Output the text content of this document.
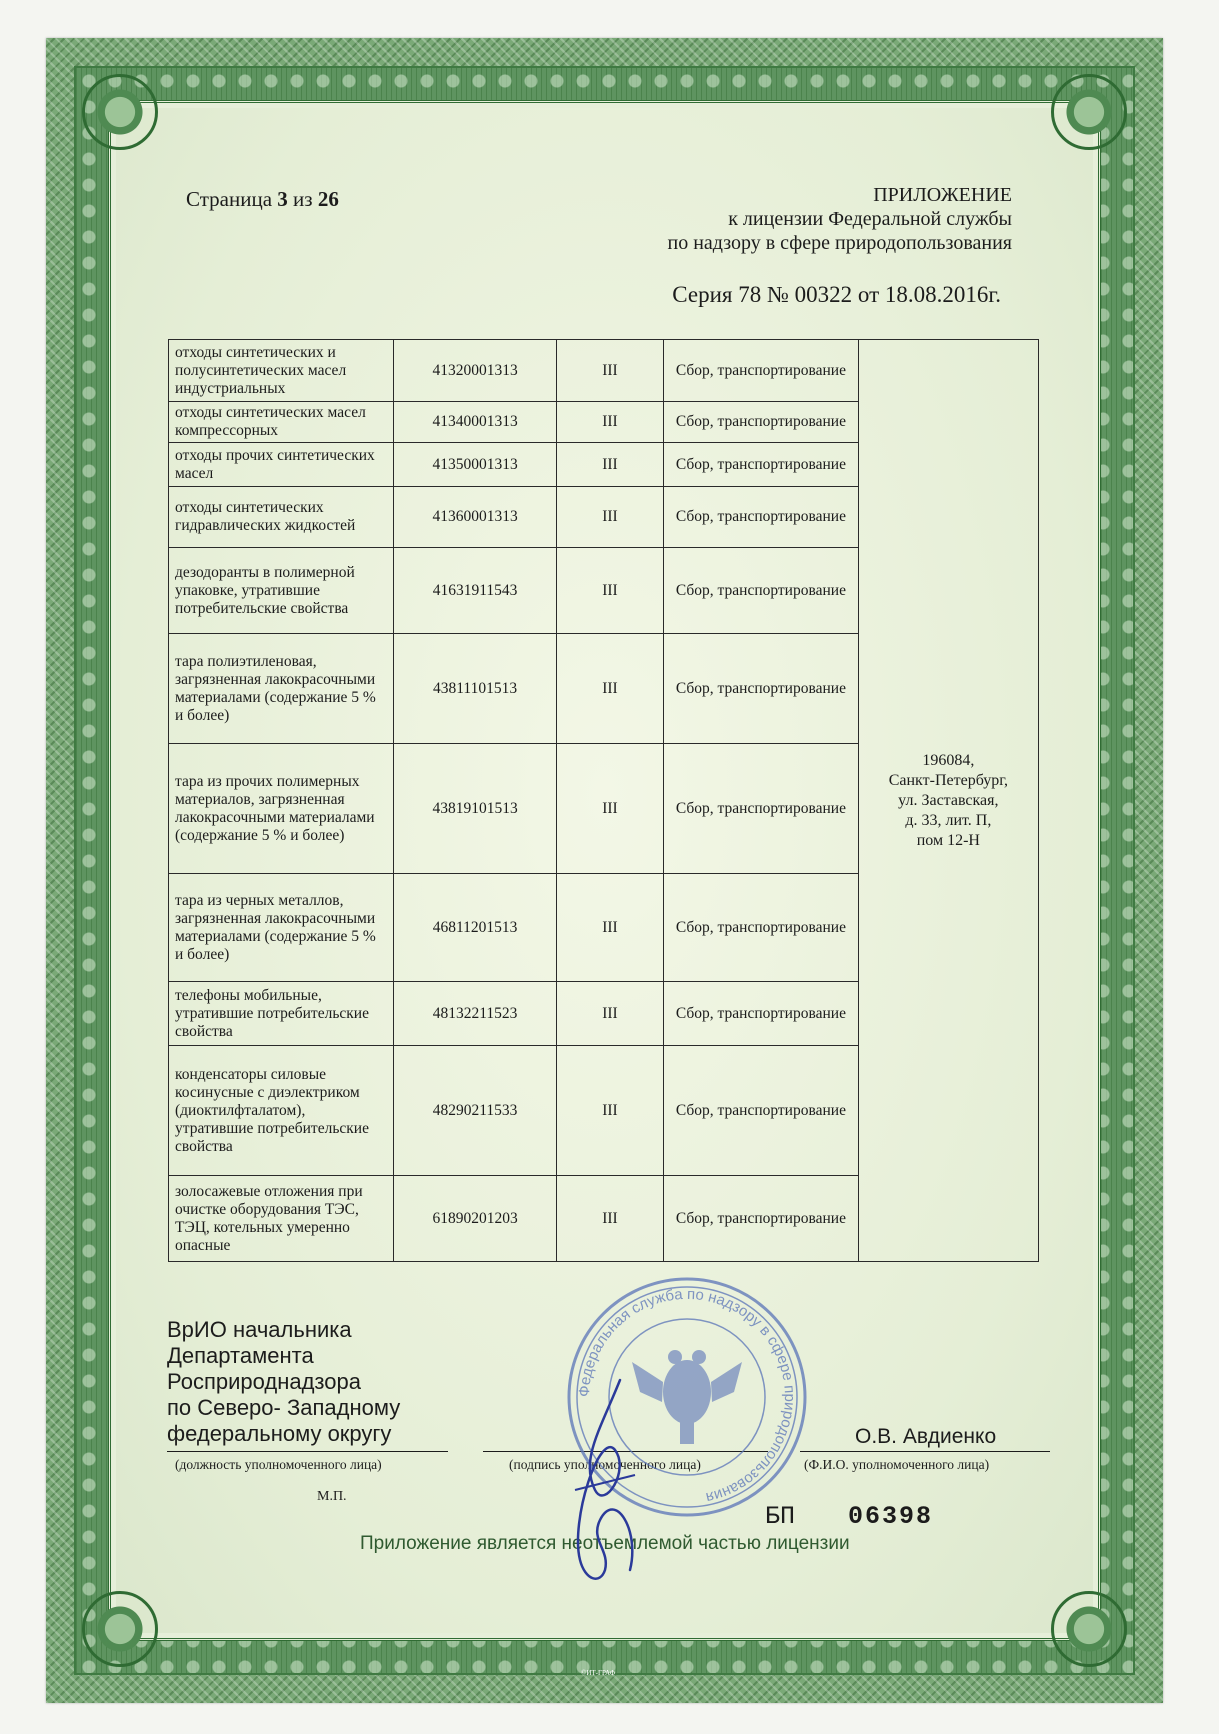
Страница 3 из 26	ПРИЛОЖЕНИЕ
к лицензии Федеральной службы
по надзору в сфере природопользования
Серия 78 № 00322 от 18.08.2016г.
отходы синтетических и полусинтетических масел индустриальных	41320001313	III	Сбор, транспортирование	196084,
Санкт-Петербург,
ул. Заставская,
д. 33, лит. П,
пом 12-Н

отходы синтетических масел компрессорных	41340001313	III	Сбор, транспортирование	
отходы прочих синтетических масел	41350001313	III	Сбор, транспортирование	
отходы синтетических гидравлических жидкостей	41360001313	III	Сбор, транспортирование	
дезодоранты в полимерной упаковке, утратившие потребительские свойства	41631911543	III	Сбор, транспортирование	
тара полиэтиленовая, загрязненная лакокрасочными материалами (содержание 5 % и более)	43811101513	III	Сбор, транспортирование	
тара из прочих полимерных материалов, загрязненная лакокрасочными материалами (содержание 5 % и более)	43819101513	III	Сбор, транспортирование	
тара из черных металлов, загрязненная лакокрасочными материалами (содержание 5 % и более)	46811201513	III	Сбор, транспортирование	
телефоны мобильные, утратившие потребительские свойства	48132211523	III	Сбор, транспортирование	
конденсаторы силовые косинусные с диэлектриком (диоктилфталатом), утратившие потребительские свойства	48290211533	III	Сбор, транспортирование	
золосажевые отложения при очистке оборудования ТЭС, ТЭЦ, котельных умеренно опасные	61890201203	III	Сбор, транспортирование	
ВрИО начальника
Департамента
Росприроднадзора
по Северо- Западному
федеральному округу
(должность уполномоченного лица)	(подпись уполномоченного лица)	(Ф.И.О. уполномоченного лица)
О.В. Авдиенко
М.П.
БП 06398
Приложение является неотъемлемой частью лицензии
©ИТ-ГРАФ
Федеральная служба по надзору в сфере природопользования
